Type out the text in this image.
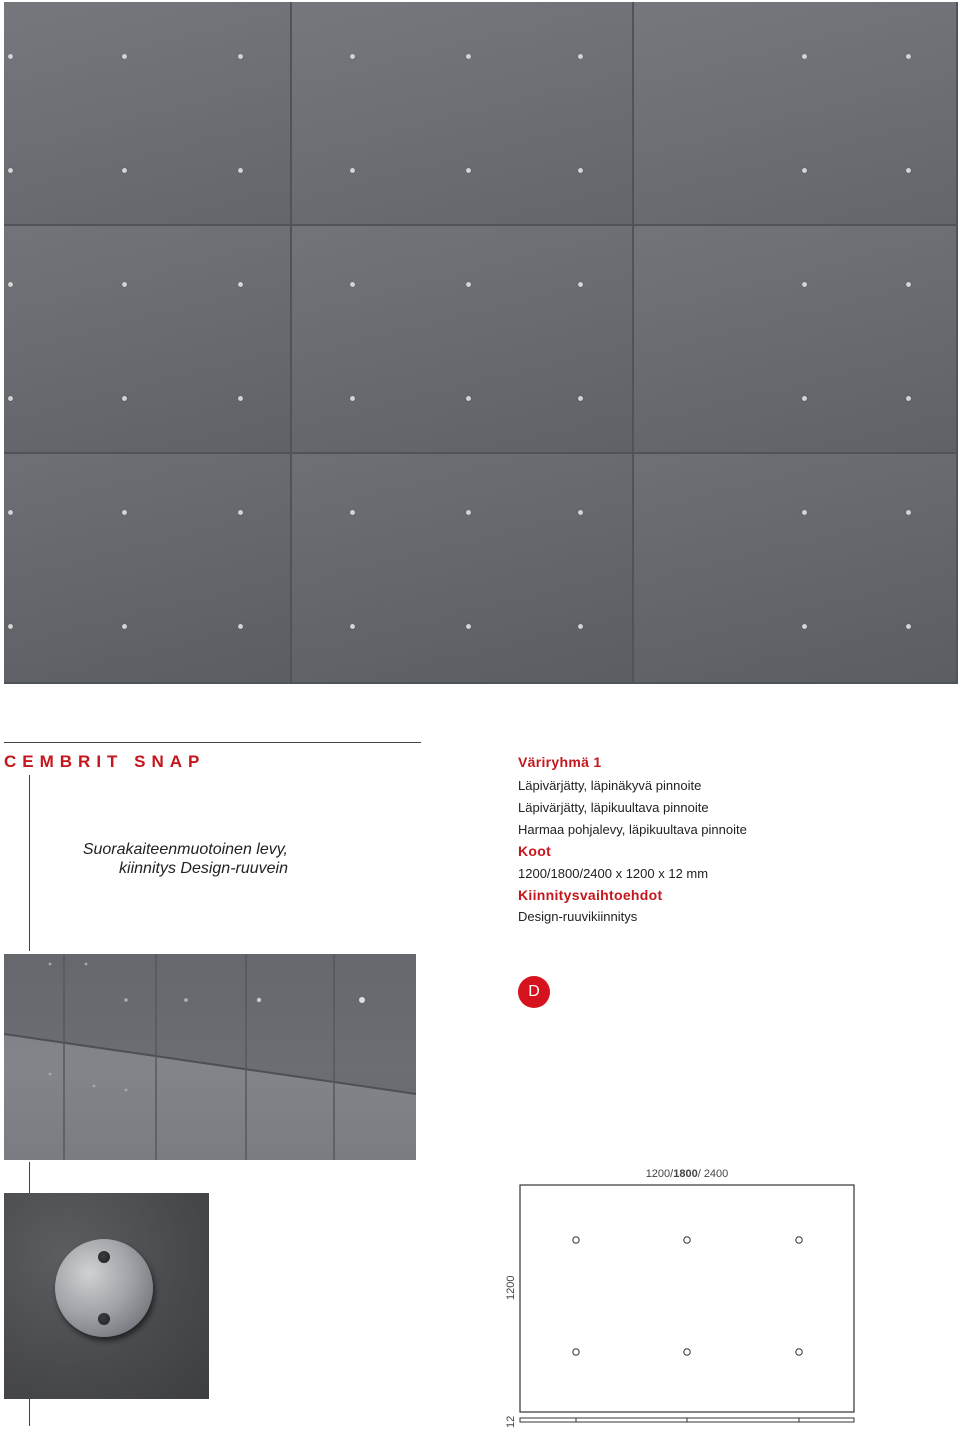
CEMBRIT SNAP
Suorakaiteenmuotoinen levy,
kiinnitys Design-ruuvein
Väriryhmä 1
Läpivärjätty, läpinäkyvä pinnoite
Läpivärjätty, läpikuultava pinnoite
Harmaa pohjalevy, läpikuultava pinnoite
Koot
1200/1800/2400 x 1200 x 12 mm
Kiinnitysvaihtoehdot
Design-ruuvikiinnitys
D
1200/1800/ 2400
1200
12
